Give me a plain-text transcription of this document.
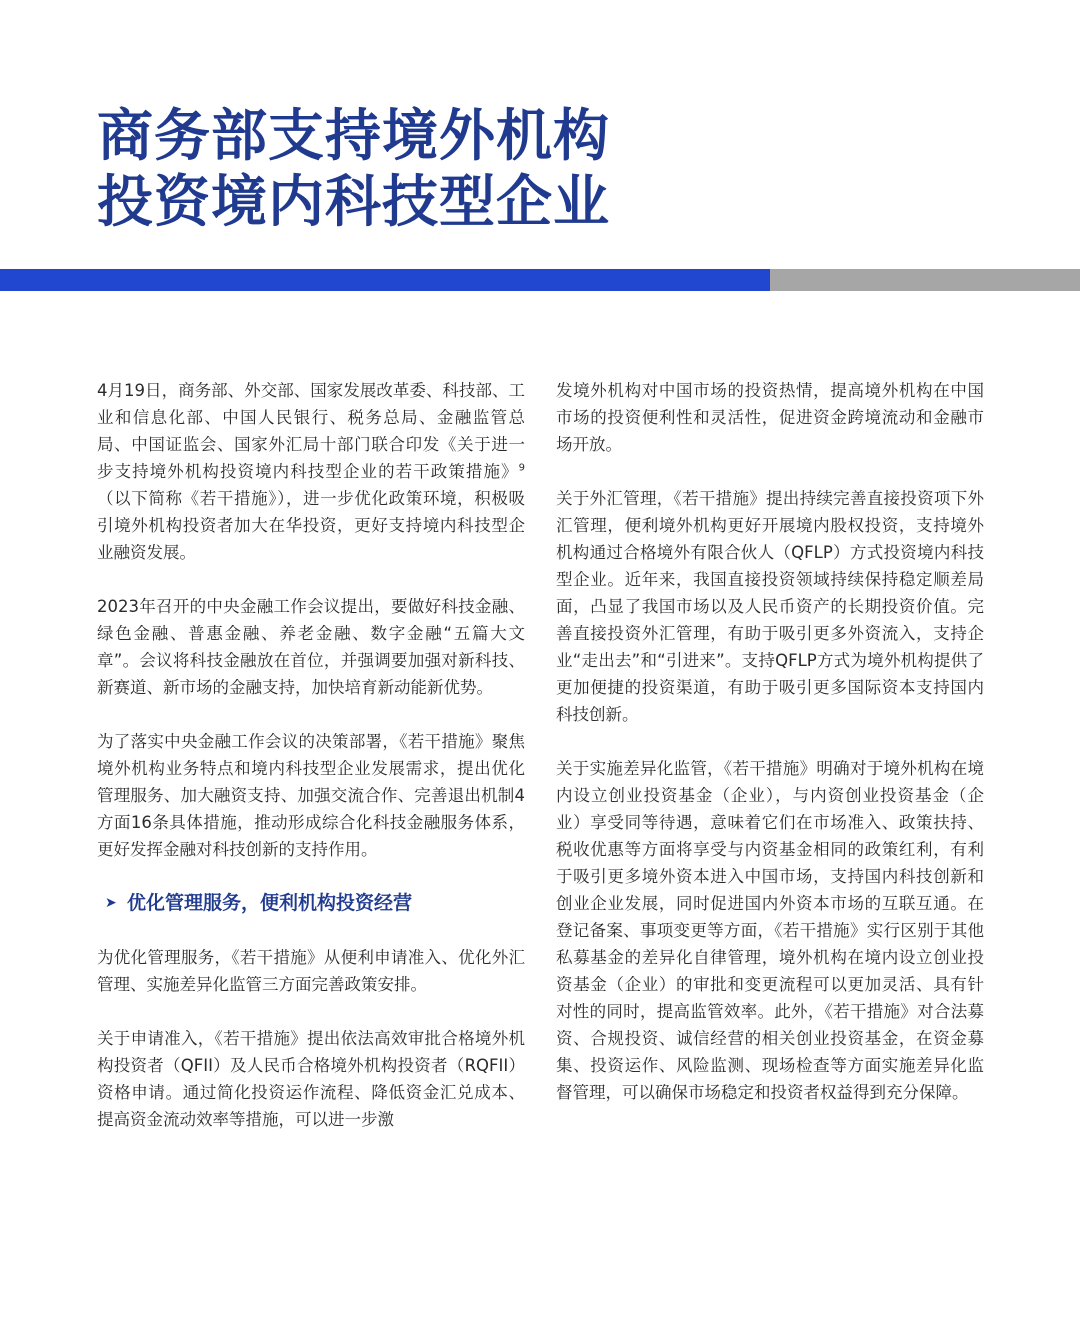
商务部支持境外机构
投资境内科技型企业

4月19日，商务部、外交部、国家发展改革委、科技部、工业和信息化部、中国人民银行、税务总局、金融监管总局、中国证监会、国家外汇局十部门联合印发《关于进一步支持境外机构投资境内科技型企业的若干政策措施》$^9$（以下简称《若干措施》），进一步优化政策环境，积极吸引境外机构投资者加大在华投资，更好支持境内科技型企业融资发展。

2023年召开的中央金融工作会议提出，要做好科技金融、绿色金融、普惠金融、养老金融、数字金融“五篇大文章”。会议将科技金融放在首位，并强调要加强对新科技、新赛道、新市场的金融支持，加快培育新动能新优势。

为了落实中央金融工作会议的决策部署，《若干措施》聚焦境外机构业务特点和境内科技型企业发展需求，提出优化管理服务、加大融资支持、加强交流合作、完善退出机制4方面16条具体措施，推动形成综合化科技金融服务体系，更好发挥金融对科技创新的支持作用。

➤ 优化管理服务，便利机构投资经营

为优化管理服务，《若干措施》从便利申请准入、优化外汇管理、实施差异化监管三方面完善政策安排。

关于申请准入，《若干措施》提出依法高效审批合格境外机构投资者（QFII）及人民币合格境外机构投资者（RQFII）资格申请。通过简化投资运作流程、降低资金汇兑成本、提高资金流动效率等措施，可以进一步激

发境外机构对中国市场的投资热情，提高境外机构在中国市场的投资便利性和灵活性，促进资金跨境流动和金融市场开放。

关于外汇管理，《若干措施》提出持续完善直接投资项下外汇管理，便利境外机构更好开展境内股权投资，支持境外机构通过合格境外有限合伙人（QFLP）方式投资境内科技型企业。近年来，我国直接投资领域持续保持稳定顺差局面，凸显了我国市场以及人民币资产的长期投资价值。完善直接投资外汇管理，有助于吸引更多外资流入，支持企业“走出去”和“引进来”。支持QFLP方式为境外机构提供了更加便捷的投资渠道，有助于吸引更多国际资本支持国内科技创新。

关于实施差异化监管，《若干措施》明确对于境外机构在境内设立创业投资基金（企业），与内资创业投资基金（企业）享受同等待遇，意味着它们在市场准入、政策扶持、税收优惠等方面将享受与内资基金相同的政策红利，有利于吸引更多境外资本进入中国市场，支持国内科技创新和创业企业发展，同时促进国内外资本市场的互联互通。在登记备案、事项变更等方面，《若干措施》实行区别于其他私募基金的差异化自律管理，境外机构在境内设立创业投资基金（企业）的审批和变更流程可以更加灵活、具有针对性的同时，提高监管效率。此外，《若干措施》对合法募资、合规投资、诚信经营的相关创业投资基金，在资金募集、投资运作、风险监测、现场检查等方面实施差异化监督管理，可以确保市场稳定和投资者权益得到充分保障。
